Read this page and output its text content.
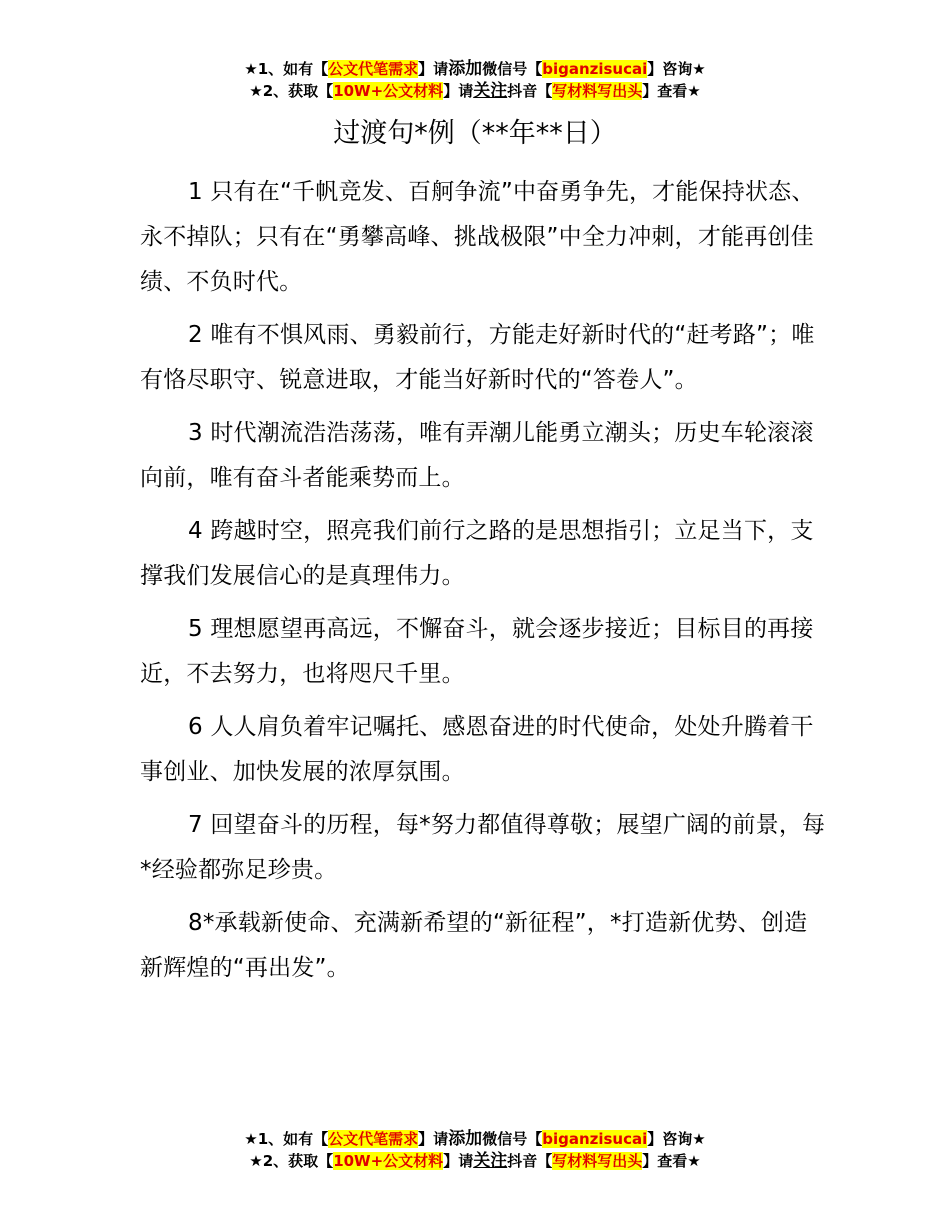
★1、如有【公文代笔需求】请添加微信号【biganzisucai】咨询★
★2、获取【10W+公文材料】请关注抖音【写材料写出头】查看★
过渡句*例（**年**日）

1 只有在“千帆竞发、百舸争流”中奋勇争先，才能保持状态、永不掉队；只有在“勇攀高峰、挑战极限”中全力冲刺，才能再创佳绩、不负时代。

2 唯有不惧风雨、勇毅前行，方能走好新时代的“赶考路”；唯有恪尽职守、锐意进取，才能当好新时代的“答卷人”。

3 时代潮流浩浩荡荡，唯有弄潮儿能勇立潮头；历史车轮滚滚向前，唯有奋斗者能乘势而上。

4 跨越时空，照亮我们前行之路的是思想指引；立足当下，支撑我们发展信心的是真理伟力。

5 理想愿望再高远，不懈奋斗，就会逐步接近；目标目的再接近，不去努力，也将咫尺千里。

6 人人肩负着牢记嘱托、感恩奋进的时代使命，处处升腾着干事创业、加快发展的浓厚氛围。

7 回望奋斗的历程，每*努力都值得尊敬；展望广阔的前景，每*经验都弥足珍贵。

8*承载新使命、充满新希望的“新征程”，*打造新优势、创造新辉煌的“再出发”。

★1、如有【公文代笔需求】请添加微信号【biganzisucai】咨询★
★2、获取【10W+公文材料】请关注抖音【写材料写出头】查看★
